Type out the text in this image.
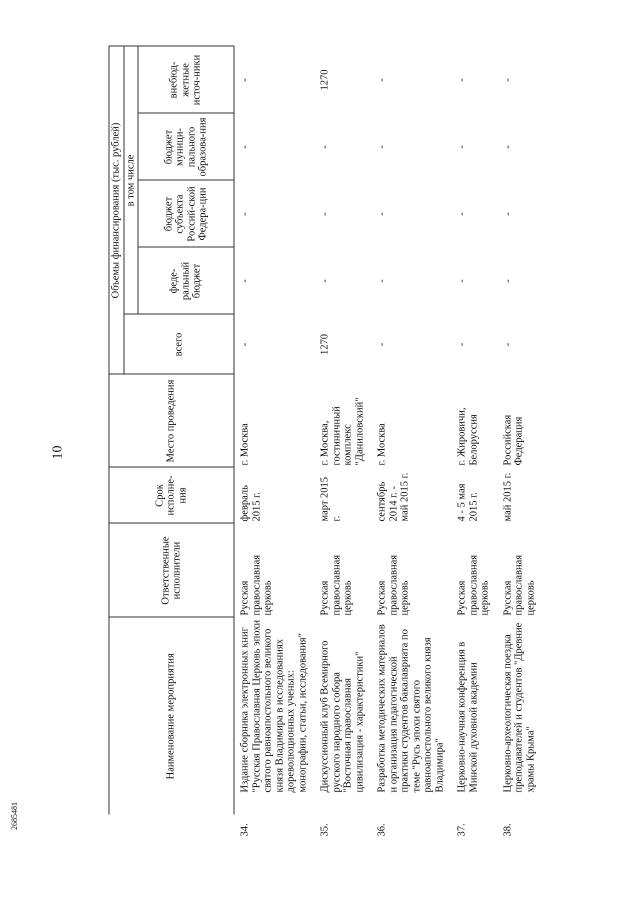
10
Наименование мероприятия	Ответственные исполнители	Срок исполне-ния	Место проведения	Объемы финансирования (тыс. рублей)				
				всего	в том числе			
					феде-ральный бюджет	бюджет субъекта Россий-ской Федера-ции	бюджет муници-пального образова-ния	внебюд-жетные источ-ники

34.Издание сборника электронных книг "Русская Православная Церковь эпохи святого равноапостольного великого князя Владимира в исследованиях дореволюционных ученых: монографии, статьи, исследования"	Русская православная церковь	февраль 2015 г.	г. Москва	-	-	-	-	-

35.Дискуссионный клуб Всемирного русского народного собора "Восточная православная цивилизация - характеристики"	Русская православная церковь	март 2015 г.	г. Москва, гостиничный комплекс "Даниловский"	1270	-	-	-	1270

36.Разработка методических материалов и организация педагогической практики студентов бакалавриата по теме "Русь эпохи святого равноапостольного великого князя Владимира"	Русская православная церковь	сентябрь 2014 г. - май 2015 г.	г. Москва	-	-	-	-	-

37.Церковно-научная конференция в Минской духовной академии	Русская православная церковь	4 - 5 мая 2015 г.	г. Жировичи, Белоруссия	-	-	-	-	-

38.Церковно-археологическая поездка преподавателей и студентов "Древние храмы Крыма"	Русская православная церковь	май 2015 г.	Российская Федерация	-	-	-	-	-
2685481
